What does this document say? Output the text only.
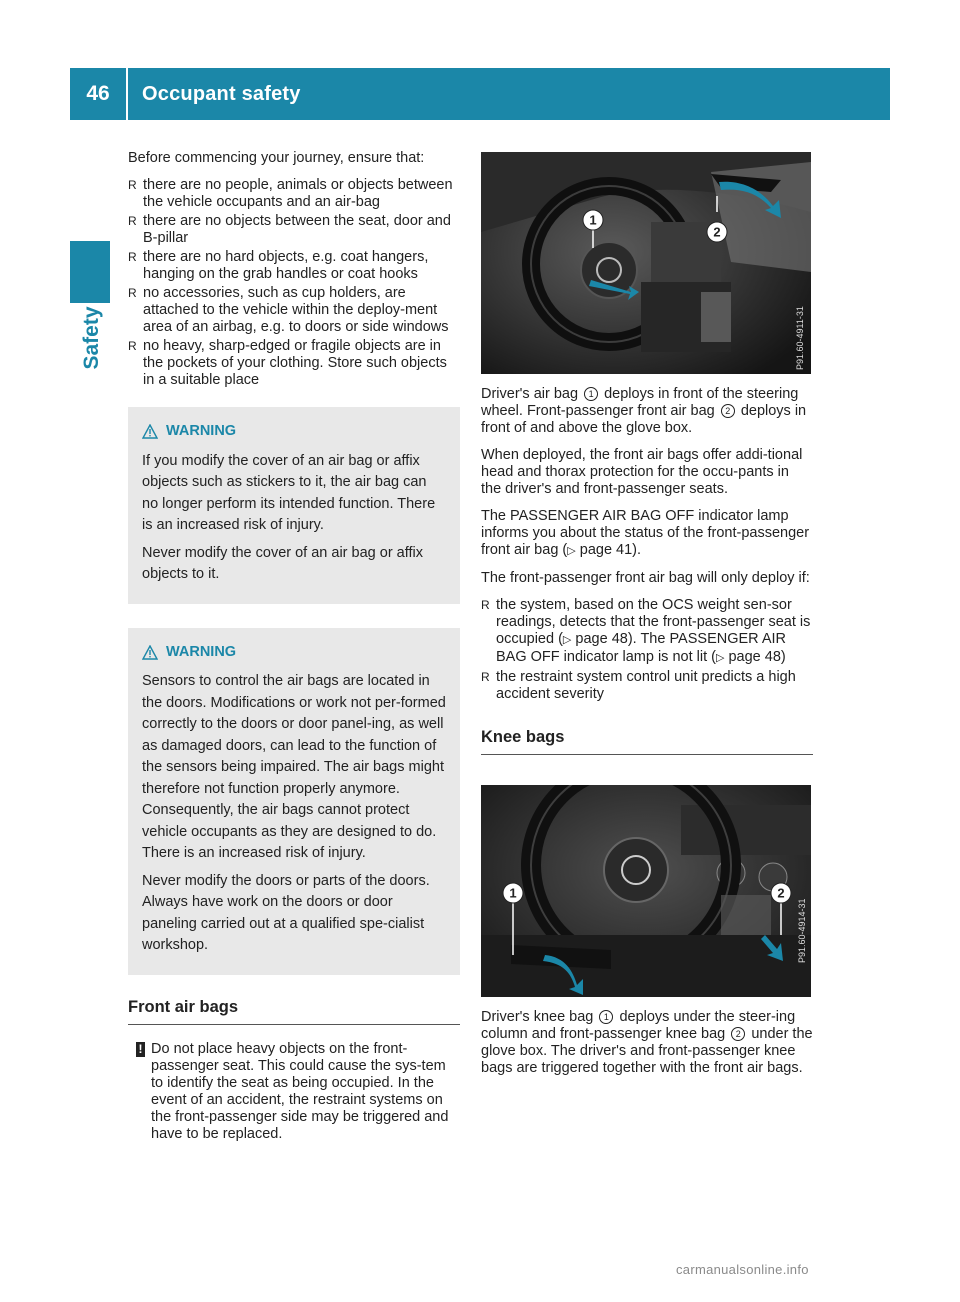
46	Occupant safety
Safety

Before commencing your journey, ensure that:

R there are no people, animals or objects between the vehicle occupants and an air-bag
R there are no objects between the seat, door and B-pillar
R there are no hard objects, e.g. coat hangers, hanging on the grab handles or coat hooks
R no accessories, such as cup holders, are attached to the vehicle within the deploy-ment area of an airbag, e.g. to doors or side windows
R no heavy, sharp-edged or fragile objects are in the pockets of your clothing. Store such objects in a suitable place
WARNING

If you modify the cover of an air bag or affix objects such as stickers to it, the air bag can no longer perform its intended function. There is an increased risk of injury.

Never modify the cover of an air bag or affix objects to it.

WARNING

Sensors to control the air bags are located in the doors. Modifications or work not per-formed correctly to the doors or door panel-ing, as well as damaged doors, can lead to the function of the sensors being impaired. The air bags might therefore not function properly anymore. Consequently, the air bags cannot protect vehicle occupants as they are designed to do. There is an increased risk of injury.

Never modify the doors or parts of the doors. Always have work on the doors or door paneling carried out at a qualified spe-cialist workshop.

Front air bags
! Do not place heavy objects on the front-passenger seat. This could cause the sys-tem to identify the seat as being occupied. In the event of an accident, the restraint systems on the front-passenger side may be triggered and have to be replaced.
1
2
P91.60-4911-31

Driver's air bag 1 deploys in front of the steering wheel. Front-passenger front air bag 2 deploys in front of and above the glove box.

When deployed, the front air bags offer addi-tional head and thorax protection for the occu-pants in the driver's and front-passenger seats.

The PASSENGER AIR BAG OFF indicator lamp informs you about the status of the front-passenger front air bag (▷ page 41).

The front-passenger front air bag will only deploy if:

R the system, based on the OCS weight sen-sor readings, detects that the front-passenger seat is occupied (▷ page 48). The PASSENGER AIR BAG OFF indicator lamp is not lit (▷ page 48)
R the restraint system control unit predicts a high accident severity
Knee bags
1	2
P91.60-4914-31

Driver's knee bag 1 deploys under the steer-ing column and front-passenger knee bag 2 under the glove box. The driver's and front-passenger knee bags are triggered together with the front air bags.

carmanualsonline.info
